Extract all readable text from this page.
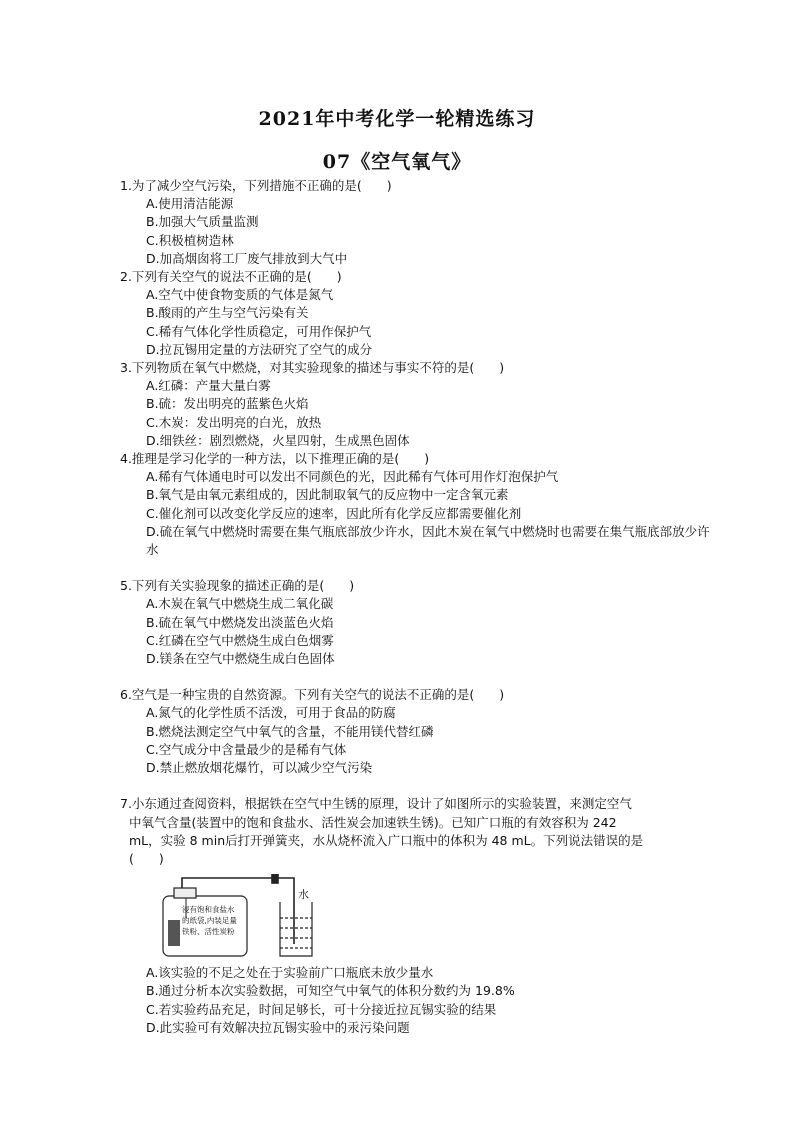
2021年中考化学一轮精选练习
07《空气氧气》

1.为了减少空气污染，下列措施不正确的是(　　)

A.使用清洁能源

B.加强大气质量监测

C.积极植树造林

D.加高烟囱将工厂废气排放到大气中

2.下列有关空气的说法不正确的是(　　)

A.空气中使食物变质的气体是氮气

B.酸雨的产生与空气污染有关

C.稀有气体化学性质稳定，可用作保护气

D.拉瓦锡用定量的方法研究了空气的成分

3.下列物质在氧气中燃烧，对其实验现象的描述与事实不符的是(　　)

A.红磷：产量大量白雾

B.硫：发出明亮的蓝紫色火焰

C.木炭：发出明亮的白光，放热

D.细铁丝：剧烈燃烧，火星四射，生成黑色固体

4.推理是学习化学的一种方法，以下推理正确的是(　　)

A.稀有气体通电时可以发出不同颜色的光，因此稀有气体可用作灯泡保护气

B.氧气是由氧元素组成的，因此制取氧气的反应物中一定含氧元素

C.催化剂可以改变化学反应的速率，因此所有化学反应都需要催化剂

D.硫在氧气中燃烧时需要在集气瓶底部放少许水，因此木炭在氧气中燃烧时也需要在集气瓶底部放少许水

5.下列有关实验现象的描述正确的是(　　)

A.木炭在氧气中燃烧生成二氧化碳

B.硫在氧气中燃烧发出淡蓝色火焰

C.红磷在空气中燃烧生成白色烟雾

D.镁条在空气中燃烧生成白色固体

6.空气是一种宝贵的自然资源。下列有关空气的说法不正确的是(　　)

A.氮气的化学性质不活泼，可用于食品的防腐

B.燃烧法测定空气中氧气的含量，不能用镁代替红磷

C.空气成分中含量最少的是稀有气体

D.禁止燃放烟花爆竹，可以减少空气污染

7.小东通过查阅资料，根据铁在空气中生锈的原理，设计了如图所示的实验装置，来测定空气

中氧气含量(装置中的饱和食盐水、活性炭会加速铁生锈)。已知广口瓶的有效容积为 242

mL，实验 8 min后打开弹簧夹，水从烧杯流入广口瓶中的体积为 48 mL。下列说法错误的是

(　　)

水
浸有饱和食盐水
的纸袋,内装足量
铁粉、活性炭粉

A.该实验的不足之处在于实验前广口瓶底未放少量水

B.通过分析本次实验数据，可知空气中氧气的体积分数约为 19.8%

C.若实验药品充足，时间足够长，可十分接近拉瓦锡实验的结果

D.此实验可有效解决拉瓦锡实验中的汞污染问题
